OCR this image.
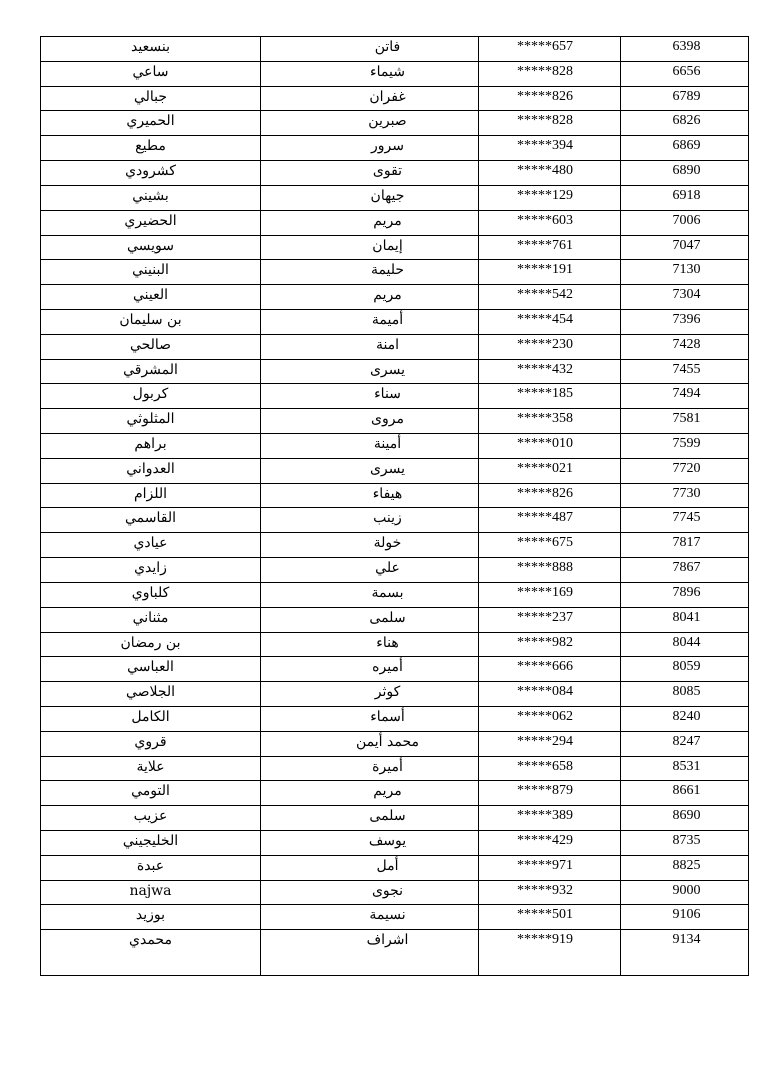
بنسعيد	فاتن	*****657	6398
ساعي	شيماء	*****828	6656
جبالي	غفران	*****826	6789
الحميري	صبرين	*****828	6826
مطيع	سرور	*****394	6869
كشرودي	تقوى	*****480	6890
بشيني	جيهان	*****129	6918
الحضيري	مريم	*****603	7006
سويسي	إيمان	*****761	7047
البنيني	حليمة	*****191	7130
العيني	مريم	*****542	7304
بن سليمان	أميمة	*****454	7396
صالحي	امنة	*****230	7428
المشرقي	يسرى	*****432	7455
كربول	سناء	*****185	7494
المثلوثي	مروى	*****358	7581
براهم	أمينة	*****010	7599
العدواني	يسرى	*****021	7720
اللزام	هيفاء	*****826	7730
القاسمي	زينب	*****487	7745
عيادي	خولة	*****675	7817
زايدي	علي	*****888	7867
كلباوي	بسمة	*****169	7896
مثناني	سلمى	*****237	8041
بن رمضان	هناء	*****982	8044
العباسي	أميره	*****666	8059
الجلاصي	كوثر	*****084	8085
الكامل	أسماء	*****062	8240
قروي	محمد أيمن	*****294	8247
علاية	أميرة	*****658	8531
التومي	مريم	*****879	8661
عزيب	سلمى	*****389	8690
الخليجيني	يوسف	*****429	8735
عبدة	أمل	*****971	8825
najwa	نجوى	*****932	9000
بوزيد	نسيمة	*****501	9106
محمدي	اشراف	*****919	9134
